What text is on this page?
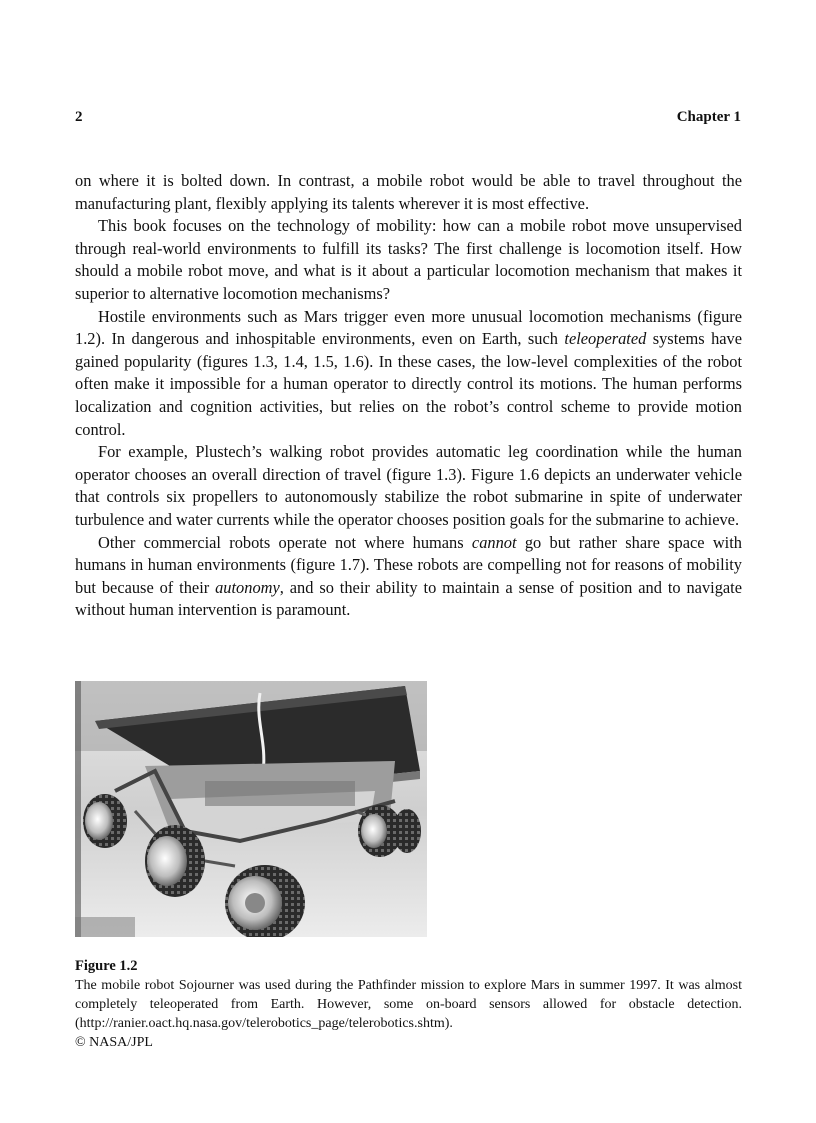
2	Chapter 1

on where it is bolted down. In contrast, a mobile robot would be able to travel throughout the manufacturing plant, flexibly applying its talents wherever it is most effective.

This book focuses on the technology of mobility: how can a mobile robot move unsupervised through real-world environments to fulfill its tasks? The first challenge is locomotion itself. How should a mobile robot move, and what is it about a particular locomotion mechanism that makes it superior to alternative locomotion mechanisms?

Hostile environments such as Mars trigger even more unusual locomotion mechanisms (figure 1.2). In dangerous and inhospitable environments, even on Earth, such teleoperated systems have gained popularity (figures 1.3, 1.4, 1.5, 1.6). In these cases, the low-level complexities of the robot often make it impossible for a human operator to directly control its motions. The human performs localization and cognition activities, but relies on the robot’s control scheme to provide motion control.

For example, Plustech’s walking robot provides automatic leg coordination while the human operator chooses an overall direction of travel (figure 1.3). Figure 1.6 depicts an underwater vehicle that controls six propellers to autonomously stabilize the robot submarine in spite of underwater turbulence and water currents while the operator chooses position goals for the submarine to achieve.

Other commercial robots operate not where humans cannot go but rather share space with humans in human environments (figure 1.7). These robots are compelling not for reasons of mobility but because of their autonomy, and so their ability to maintain a sense of position and to navigate without human intervention is paramount.

Figure 1.2

The mobile robot Sojourner was used during the Pathfinder mission to explore Mars in summer 1997. It was almost completely teleoperated from Earth. However, some on-board sensors allowed for obstacle detection. (http://ranier.oact.hq.nasa.gov/telerobotics_page/telerobotics.shtm).

© NASA/JPL
